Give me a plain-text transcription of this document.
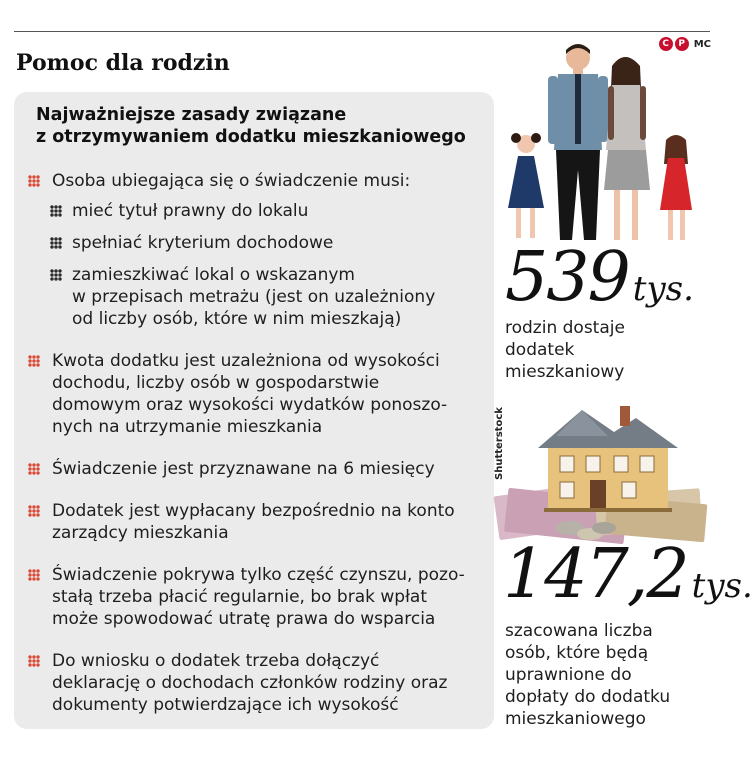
C	P MC
Pomoc dla rodzin
Najważniejsze zasady związane
z otrzymywaniem dodatku mieszkaniowego
Osoba ubiegająca się o świadczenie musi:
mieć tytuł prawny do lokalu
spełniać kryterium dochodowe
zamieszkiwać lokal o wskazanym
w przepisach metrażu (jest on uzależniony
od liczby osób, które w nim mieszkają)
Kwota dodatku jest uzależniona od wysokości
dochodu, liczby osób w gospodarstwie
domowym oraz wysokości wydatków ponoszo-
nych na utrzymanie mieszkania
Świadczenie jest przyznawane na 6 miesięcy
Dodatek jest wypłacany bezpośrednio na konto
zarządcy mieszkania
Świadczenie pokrywa tylko część czynszu, pozo-
stałą trzeba płacić regularnie, bo brak wpłat
może spowodować utratę prawa do wsparcia
Do wniosku o dodatek trzeba dołączyć
deklarację o dochodach członków rodziny oraz
dokumenty potwierdzające ich wysokość
539 tys.
rodzin dostaje
dodatek
mieszkaniowy
Shutterstock
147,2 tys.
szacowana liczba
osób, które będą
uprawnione do
dopłaty do dodatku
mieszkaniowego
